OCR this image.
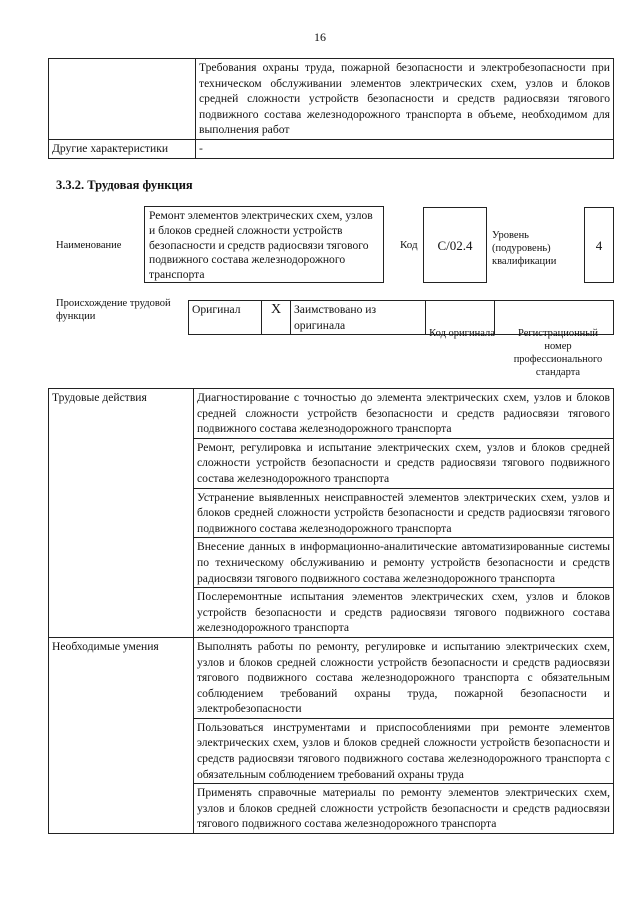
16
	Требования охраны труда, пожарной безопасности и электробезопасности при техническом обслуживании элементов электрических схем, узлов и блоков средней сложности устройств безопасности и средств радиосвязи тягового подвижного состава железнодорожного транспорта в объеме, необходимом для выполнения работ
Другие характеристики	-
3.3.2. Трудовая функция
Наименование
Ремонт элементов электрических схем, узлов и блоков средней сложности устройств безопасности и средств радиосвязи тягового подвижного состава железнодорожного транспорта
Код	C/02.4
Уровень
(подуровень)
квалификации
4
Происхождение трудовой функции
Оригинал	X	Заимствовано из оригинала		
Код оригинала	Регистрационный номер профессионального стандарта
Трудовые действия	Диагностирование с точностью до элемента электрических схем, узлов и блоков средней сложности устройств безопасности и средств радиосвязи тягового подвижного состава железнодорожного транспорта
	Ремонт, регулировка и испытание электрических схем, узлов и блоков средней сложности устройств безопасности и средств радиосвязи тягового подвижного состава железнодорожного транспорта
	Устранение выявленных неисправностей элементов электрических схем, узлов и блоков средней сложности устройств безопасности и средств радиосвязи тягового подвижного состава железнодорожного транспорта
	Внесение данных в информационно-аналитические автоматизированные системы по техническому обслуживанию и ремонту устройств безопасности и средств радиосвязи тягового подвижного состава железнодорожного транспорта
	Послеремонтные испытания элементов электрических схем, узлов и блоков устройств безопасности и средств радиосвязи тягового подвижного состава железнодорожного транспорта
Необходимые умения	Выполнять работы по ремонту, регулировке и испытанию электрических схем, узлов и блоков средней сложности устройств безопасности и средств радиосвязи тягового подвижного состава железнодорожного транспорта с обязательным соблюдением требований охраны труда, пожарной безопасности и электробезопасности
	Пользоваться инструментами и приспособлениями при ремонте элементов электрических схем, узлов и блоков средней сложности устройств безопасности и средств радиосвязи тягового подвижного состава железнодорожного транспорта с обязательным соблюдением требований охраны труда
	Применять справочные материалы по ремонту элементов электрических схем, узлов и блоков средней сложности устройств безопасности и средств радиосвязи тягового подвижного состава железнодорожного транспорта
